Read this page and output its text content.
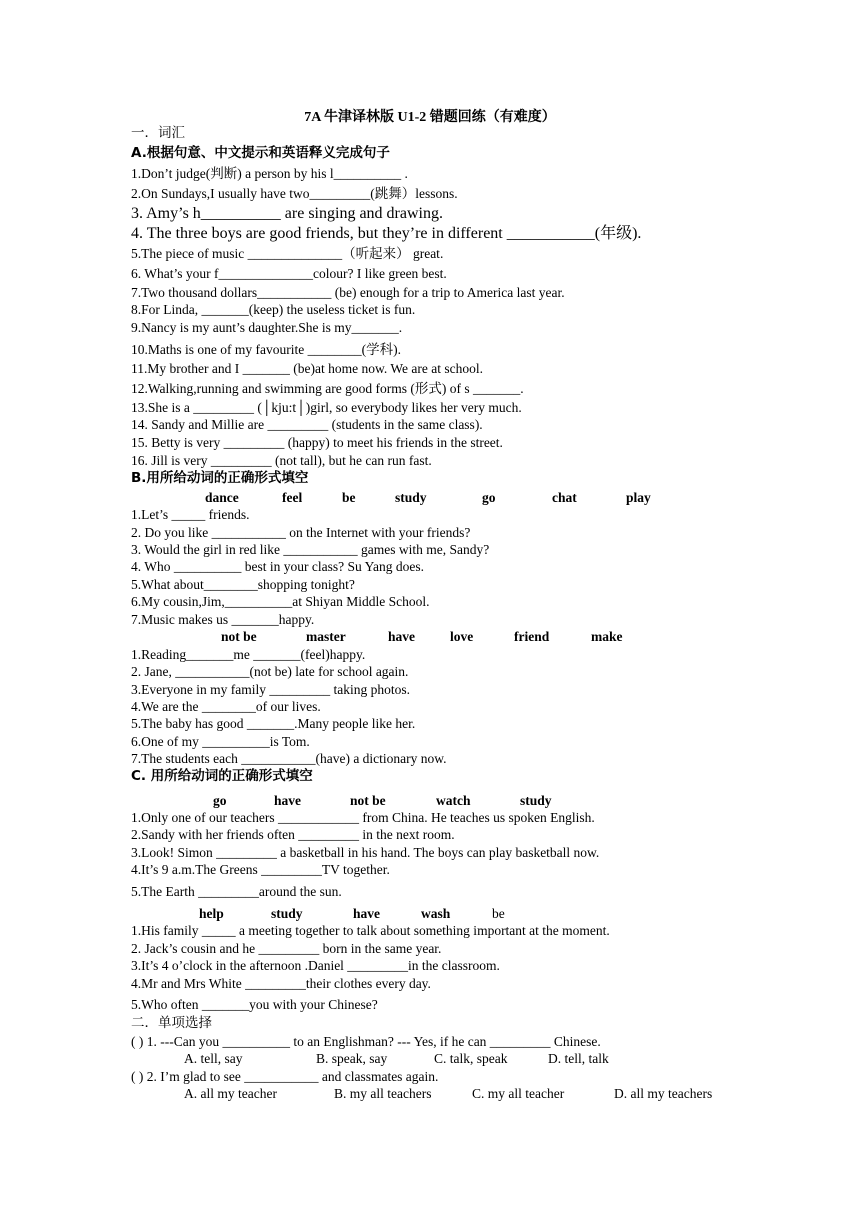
7A 牛津译林版 U1-2 错题回练（有难度）
一．词汇
A.根据句意、中文提示和英语释义完成句子
1.Don’t judge(判断) a person by his l__________ .
2.On Sundays,I usually have two_________(跳舞）lessons.
3. Amy’s h__________ are singing and drawing.
4. The three boys are good friends, but they’re in different ___________(年级).
5.The piece of music ______________（听起来） great.
6. What’s your f______________colour? I like green best.
7.Two thousand dollars___________ (be) enough for a trip to America last year.
8.For Linda, _______(keep) the useless ticket is fun.
9.Nancy is my aunt’s daughter.She is my_______.
10.Maths is one of my favourite ________(学科).
11.My brother and I _______ (be)at home now. We are at school.
12.Walking,running and swimming are good forms (形式) of s _______.
13.She is a _________ (│kju:t│)girl, so everybody likes her very much.
14. Sandy and Millie are _________ (students in the same class).
15. Betty is very _________ (happy) to meet his friends in the street.
16. Jill is very _________ (not tall), but he can run fast.
B.用所给动词的正确形式填空
dance	feel	be	study	go	chat	play
1.Let’s _____ friends.
2. Do you like ___________ on the Internet with your friends?
3. Would the girl in red like ___________ games with me, Sandy?
4. Who __________ best in your class? Su Yang does.
5.What about________shopping tonight?
6.My cousin,Jim,__________at Shiyan Middle School.
7.Music makes us _______happy.
not be	master	have	love	friend	make
1.Reading_______me _______(feel)happy.
2. Jane, ___________(not be) late for school again.
3.Everyone in my family _________ taking photos.
4.We are the ________of our lives.
5.The baby has good _______.Many people like her.
6.One of my __________is Tom.
7.The students each ___________(have) a dictionary now.
C. 用所给动词的正确形式填空
go	have	not be	watch	study
1.Only one of our teachers ____________ from China. He teaches us spoken English.
2.Sandy with her friends often _________ in the next room.
3.Look! Simon _________ a basketball in his hand. The boys can play basketball now.
4.It’s 9 a.m.The Greens _________TV together.
5.The Earth _________around the sun.
help	study	have	wash	be
1.His family _____ a meeting together to talk about something important at the moment.
2. Jack’s cousin and he _________ born in the same year.
3.It’s 4 o’clock in the afternoon .Daniel _________in the classroom.
4.Mr and Mrs White _________their clothes every day.
5.Who often _______you with your Chinese?
二．单项选择
( ) 1. ---Can you __________ to an Englishman? --- Yes, if he can _________ Chinese.
A. tell, say	B. speak, say	C. talk, speak	D. tell, talk
( ) 2. I’m glad to see ___________ and classmates again.
A. all my teacher	B. my all teachers	C. my all teacher	D. all my teachers
